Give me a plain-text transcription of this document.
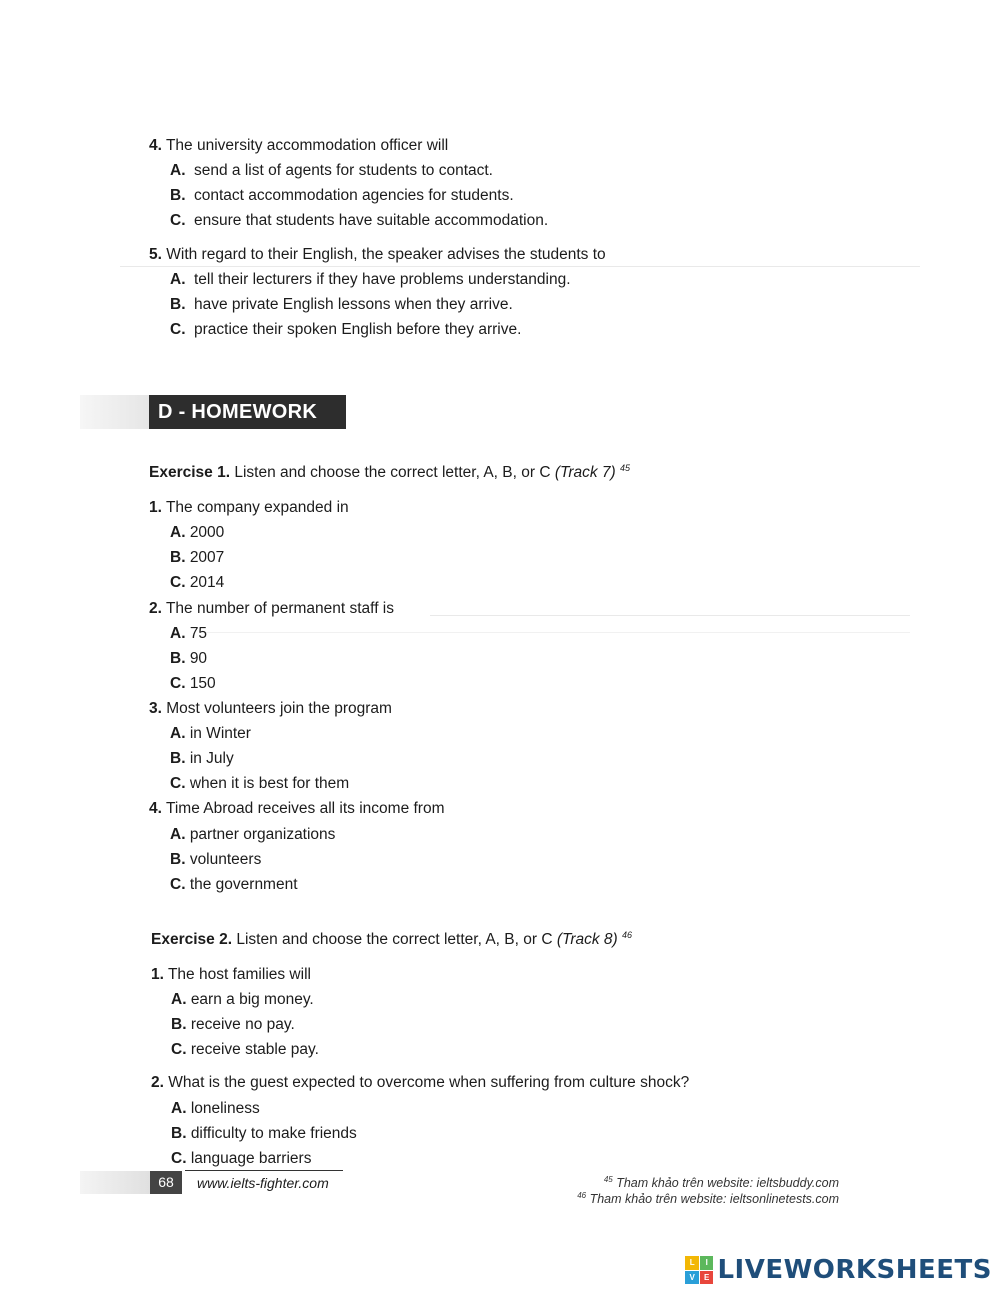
4. The university accommodation officer will
A. send a list of agents for students to contact.
B. contact accommodation agencies for students.
C. ensure that students have suitable accommodation.
5. With regard to their English, the speaker advises the students to
A. tell their lecturers if they have problems understanding.
B. have private English lessons when they arrive.
C. practice their spoken English before they arrive.
D - HOMEWORK
Exercise 1. Listen and choose the correct letter, A, B, or C (Track 7) $^{45}$
1. The company expanded in
A. 2000
B. 2007
C. 2014
2. The number of permanent staff is
A. 75
B. 90
C. 150
3. Most volunteers join the program
A. in Winter
B. in July
C. when it is best for them
4. Time Abroad receives all its income from
A. partner organizations
B. volunteers
C. the government
Exercise 2. Listen and choose the correct letter, A, B, or C (Track 8) $^{46}$
1. The host families will
A. earn a big money.
B. receive no pay.
C. receive stable pay.
2. What is the guest expected to overcome when suffering from culture shock?
A. loneliness
B. difficulty to make friends
C. language barriers
68	www.ielts-fighter.com	$^{45}$ Tham khảo trên website: ieltsbuddy.com
$^{46}$ Tham khảo trên website: ieltsonlinetests.com
L	I
V	E LIVEWORKSHEETS
